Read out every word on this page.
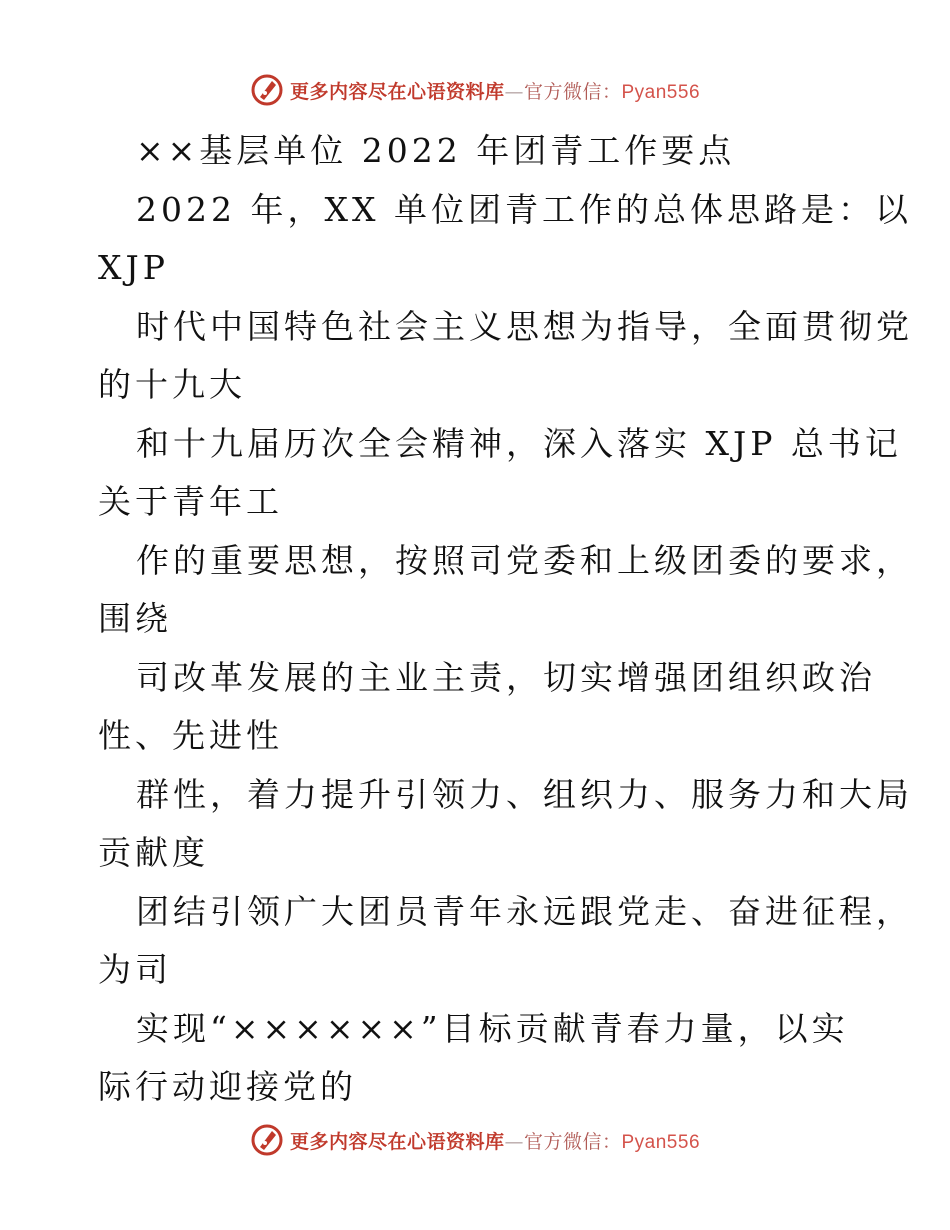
更多内容尽在心语资料库—官方微信：Pyan556
××基层单位 2022 年团青工作要点
2022 年，XX 单位团青工作的总体思路是：以
XJP
时代中国特色社会主义思想为指导，全面贯彻党
的十九大
和十九届历次全会精神，深入落实 XJP 总书记
关于青年工
作的重要思想，按照司党委和上级团委的要求，
围绕
司改革发展的主业主责，切实增强团组织政治
性、先进性
群性，着力提升引领力、组织力、服务力和大局
贡献度
团结引领广大团员青年永远跟党走、奋进征程，
为司
实现“××××××”目标贡献青春力量，以实
际行动迎接党的
更多内容尽在心语资料库—官方微信：Pyan556
